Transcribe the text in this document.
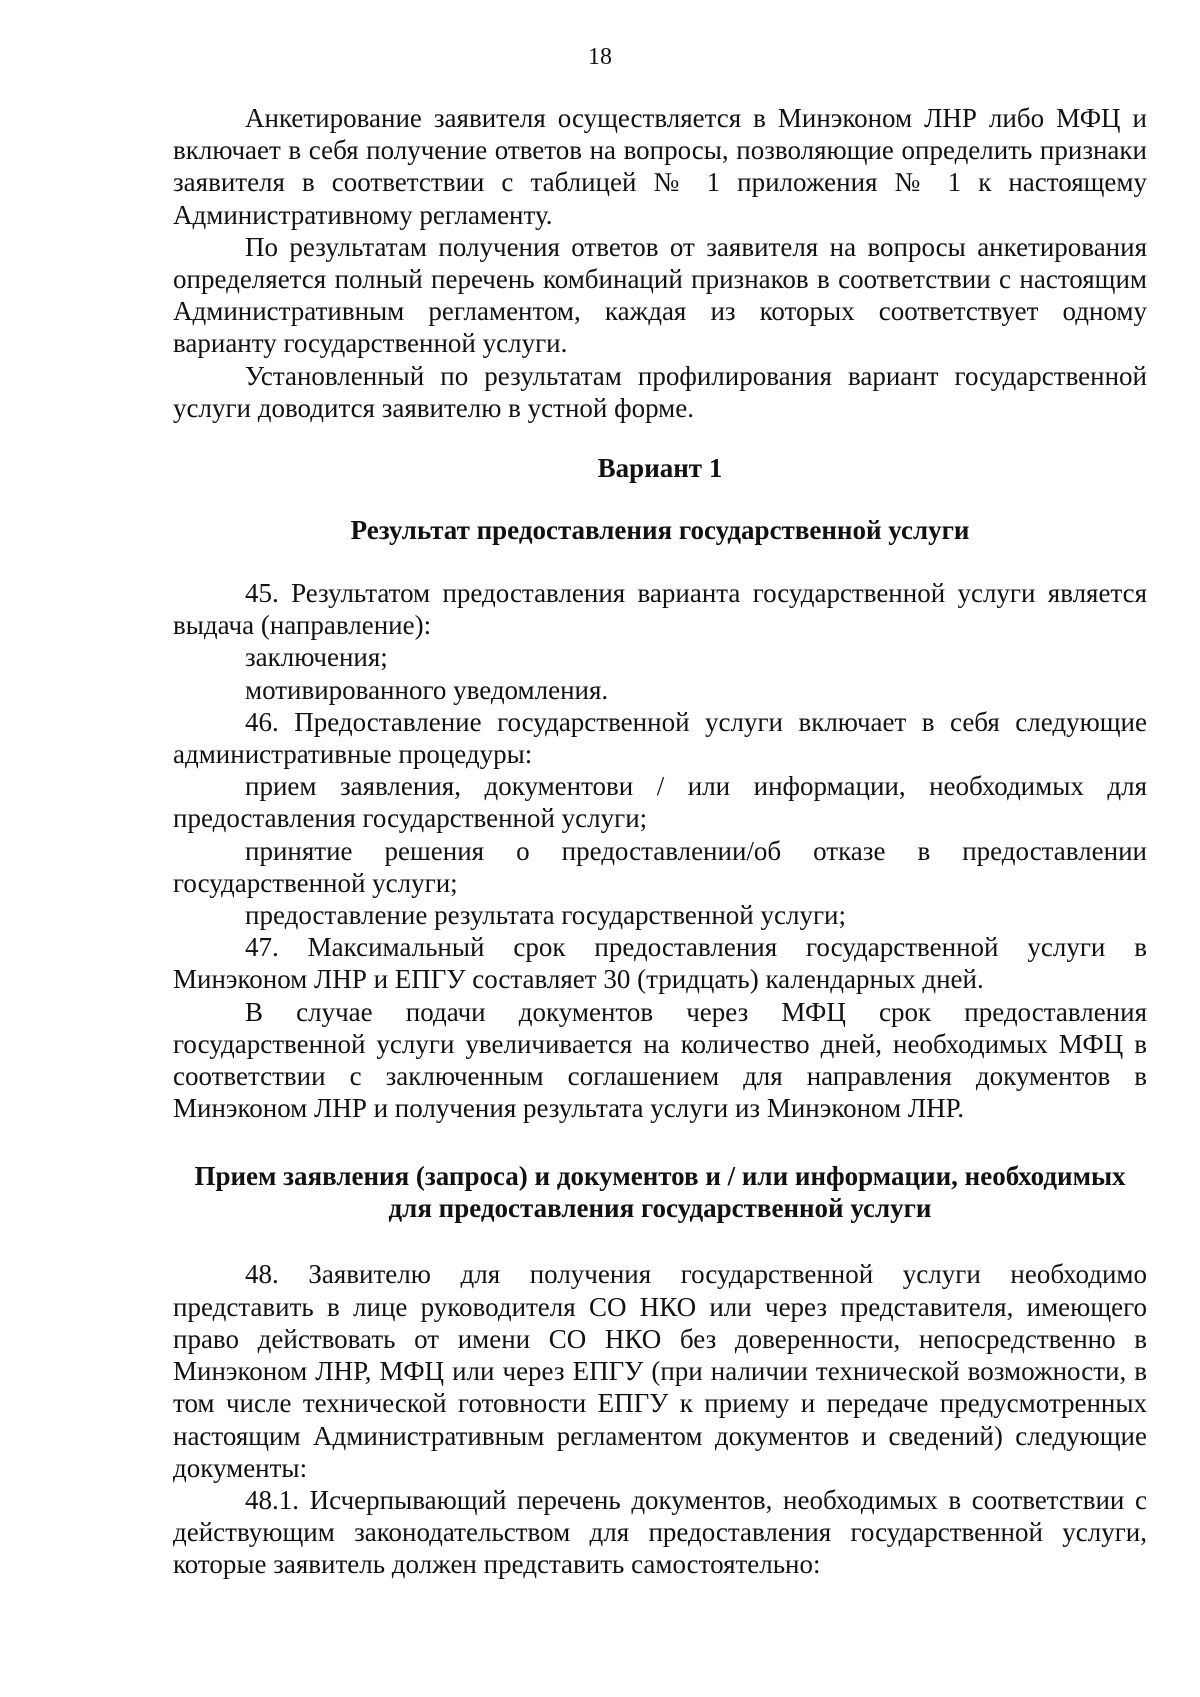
18

Анкетирование заявителя осуществляется в Минэконом ЛНР либо МФЦ и включает в себя получение ответов на вопросы, позволяющие определить признаки заявителя в соответствии с таблицей № 1 приложения № 1 к настоящему Административному регламенту.

По результатам получения ответов от заявителя на вопросы анкетирования определяется полный перечень комбинаций признаков в соответствии с настоящим Административным регламентом, каждая из которых соответствует одному варианту государственной услуги.

Установленный по результатам профилирования вариант государственной услуги доводится заявителю в устной форме.

Вариант 1
Результат предоставления государственной услуги

45. Результатом предоставления варианта государственной услуги является выдача (направление):

заключения;

мотивированного уведомления.

46. Предоставление государственной услуги включает в себя следующие административные процедуры:

прием заявления, документови / или информации, необходимых для предоставления государственной услуги;

принятие решения о предоставлении/об отказе в предоставлении государственной услуги;

предоставление результата государственной услуги;

47. Максимальный срок предоставления государственной услуги в Минэконом ЛНР и ЕПГУ составляет 30 (тридцать) календарных дней.

В случае подачи документов через МФЦ срок предоставления государственной услуги увеличивается на количество дней, необходимых МФЦ в соответствии с заключенным соглашением для направления документов в Минэконом ЛНР и получения результата услуги из Минэконом ЛНР.

Прием заявления (запроса) и документов и / или информации, необходимых для предоставления государственной услуги

48. Заявителю для получения государственной услуги необходимо представить в лице руководителя СО НКО или через представителя, имеющего право действовать от имени СО НКО без доверенности, непосредственно в Минэконом ЛНР, МФЦ или через ЕПГУ (при наличии технической возможности, в том числе технической готовности ЕПГУ к приему и передаче предусмотренных настоящим Административным регламентом документов и сведений) следующие документы:

48.1. Исчерпывающий перечень документов, необходимых в соответствии с действующим законодательством для предоставления государственной услуги, которые заявитель должен представить самостоятельно:
